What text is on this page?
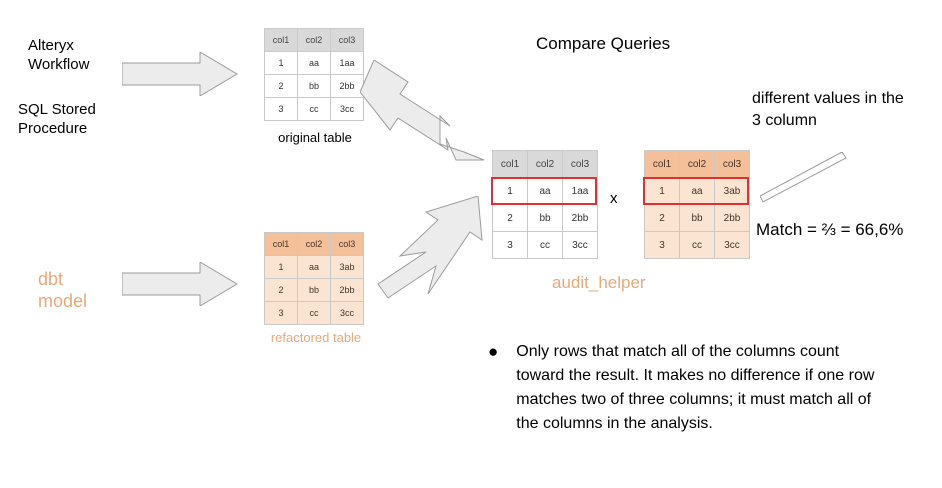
Alteryx
Workflow
SQL Stored
Procedure
dbt
model
col1	col2	col3
1	aa	1aa
2	bb	2bb
3	cc	3cc
original table
col1	col2	col3
1	aa	3ab
2	bb	2bb
3	cc	3cc
refactored table
Compare Queries
different values in the
3 column
col1	col2	col3
1	aa	1aa
2	bb	2bb
3	cc	3cc
x
col1	col2	col3
1	aa	3ab
2	bb	2bb
3	cc	3cc
Match = ⅔ = 66,6%
audit_helper
● Only rows that match all of the columns count toward the result. It makes no difference if one row matches two of three columns; it must match all of the columns in the analysis.
